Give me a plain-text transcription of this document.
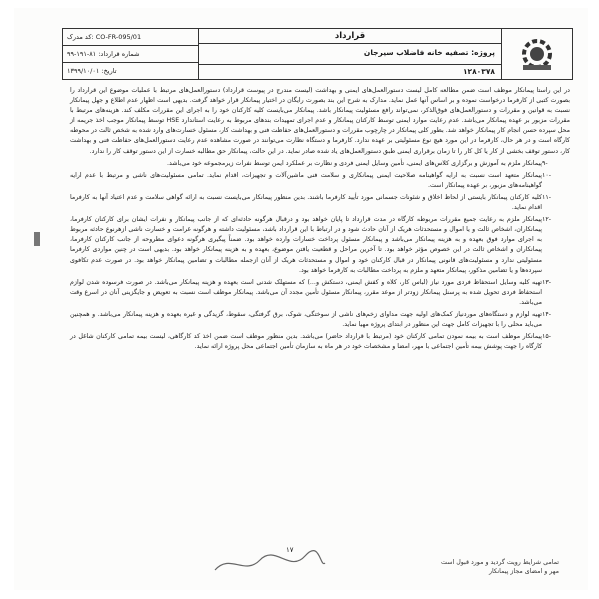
کد مدرک: CO-FR-095/01
شماره قرارداد: ۸۱-۱۹۱-۹۹
تاریخ: ۱۳۹۹/۱۰/۰۱
قرارداد
پروژه: تصفیه خانه فاضلاب سیرجان
۱۲۸۰۳۷۸

در این راستا پیمانکار موظف است ضمن مطالعه کامل لیست دستورالعمل‌های ایمنی و بهداشت (لیست مندرج در پیوست قرارداد) دستورالعمل‌های مرتبط با عملیات موضوع این قرارداد را بصورت کتبی از کارفرما درخواست نموده و بر اساس آنها عمل نماید. مدارک به شرح این بند بصورت رایگان در اختیار پیمانکار قرار خواهد گرفت. بدیهی است اظهار عدم اطلاع و جهل پیمانکار نسبت به قوانین و مقررات و دستورالعمل‌های فوق‌الذکر، نمی‌تواند رافع مسئولیت پیمانکار باشد. پیمانکار می‌بایست کلیه کارکنان خود را به اجرای این مقررات مکلف کند. هزینه‌های مرتبط با مقررات مزبور بر عهده پیمانکار می‌باشد. عدم رعایت موارد ایمنی توسط کارکنان پیمانکار و عدم اجرای تمهیدات بندهای مربوط به رعایت استاندارد HSE توسط پیمانکار موجب اخذ جریمه از محل سپرده حسن انجام کار پیمانکار خواهد شد. بطور کلی پیمانکار در چارچوب مقررات و دستورالعمل‌های حفاظت فنی و بهداشت کار، مسئول خسارت‌های وارد شده به شخص ثالث در محوطه کارگاه است و در هر حال، کارفرما در این مورد هیچ نوع مسئولیتی بر عهده ندارد. کارفرما و دستگاه نظارت می‌توانند در صورت مشاهده عدم رعایت دستورالعمل‌های حفاظت فنی و بهداشت کار، دستور توقف بخشی از کار یا کل کار را تا زمان برقراری ایمنی طبق دستورالعمل‌های یاد شده صادر نماید. در این حالت، پیمانکار حق مطالبه خسارت از این دستور توقف کار را ندارد.

-۹
پیمانکار ملزم به آموزش و برگزاری کلاس‌های ایمنی، تأمین وسایل ایمنی فردی و نظارت بر عملکرد ایمن توسط نفرات زیرمجموعه خود می‌باشد.
-۱۰
پیمانکار متعهد است نسبت به ارایه گواهینامه صلاحیت ایمنی پیمانکاری و سلامت فنی ماشین‌آلات و تجهیزات، اقدام نماید. تمامی مسئولیت‌های ناشی و مرتبط با عدم ارایه گواهینامه‌های مزبور، بر عهده پیمانکار است.
-۱۱
کلیه کارکنان پیمانکار بایستی از لحاظ اخلاق و شئونات جسمانی مورد تأیید کارفرما باشند. بدین منظور پیمانکار می‌بایست نسبت به ارائه گواهی سلامت و عدم اعتیاد آنها به کارفرما اقدام نماید.
-۱۲
پیمانکار ملزم به رعایت جمیع مقررات مربوطه کارگاه در مدت قرارداد تا پایان خواهد بود و درقبال هرگونه حادثه‌ای که از جانب پیمانکار و نفرات ایشان برای کارکنان کارفرما، پیمانکاران، اشخاص ثالث و یا اموال و مستحدثات هریک از آنان حادث شود و در ارتباط با این قرارداد باشد، مسئولیت داشته و هرگونه غرامت و خسارت ناشی ازهرنوع حادثه مربوط به اجرای موارد فوق بعهده و به هزینه پیمانکار می‌باشد و پیمانکار مسئول پرداخت خسارات وارده خواهد بود. ضمناً پیگیری هرگونه دعوای مطروحه از جانب کارکنان کارفرما، پیمانکاران و اشخاص ثالث در این خصوص مؤثر خواهد بود. تا آخرین مراحل و قطعیت یافتن موضوع، بعهده و به هزینه پیمانکار خواهد بود. بدیهی است در چنین مواردی کارفرما مسئولیتی ندارد و مسئولیت‌های قانونی پیمانکار در قبال کارکنان خود و اموال و مستحدثات هریک از آنان ازجمله مطالبات و تضامین پیمانکار خواهد بود. در صورت عدم تکافوی سپرده‌ها و یا تضامین مذکور، پیمانکار متعهد و ملزم به پرداخت مطالبات به کارفرما خواهد بود.
-۱۳
تهیه کلیه وسایل استحفاظ فردی مورد نیاز (لباس کار، کلاه و کفش ایمنی، دستکش و...) که مستهلک شدنی است بعهده و هزینه پیمانکار می‌باشد. در صورت فرسوده شدن لوازم استحفاظ فردی تحویل شده به پرسنل پیمانکار زودتر از موعد مقرر، پیمانکار مسئول تأمین مجدد آن می‌باشد. پیمانکار موظف است نسبت به تعویض و جایگزینی آنان در اسرع وقت می‌باشد.
-۱۴
تهیه لوازم و دستگاه‌های موردنیاز کمک‌های اولیه جهت مداوای زخم‌های ناشی از سوختگی، شوک، برق گرفتگی، سقوط، گزیدگی و غیره بعهده و هزینه پیمانکار می‌باشد. و همچنین می‌باید محلی را با تجهیزات کامل جهت این منظور در ابتدای پروژه مهیا نماید.
-۱۵
پیمانکار موظف است به بیمه نمودن تمامی کارکنان خود (مرتبط با قرارداد حاضر) می‌باشد. بدین منظور موظف است ضمن اخذ کد کارگاهی، لیست بیمه تمامی کارکنان شاغل در کارگاه را جهت پوشش بیمه تأمین اجتماعی با مهر، امضا و مشخصات خود در هر ماه به سازمان تأمین اجتماعی محل پروژه ارائه نماید.
۱۷
تمامی شرایط رویت گردید و مورد قبول است
مهر و امضای مجاز پیمانکار
